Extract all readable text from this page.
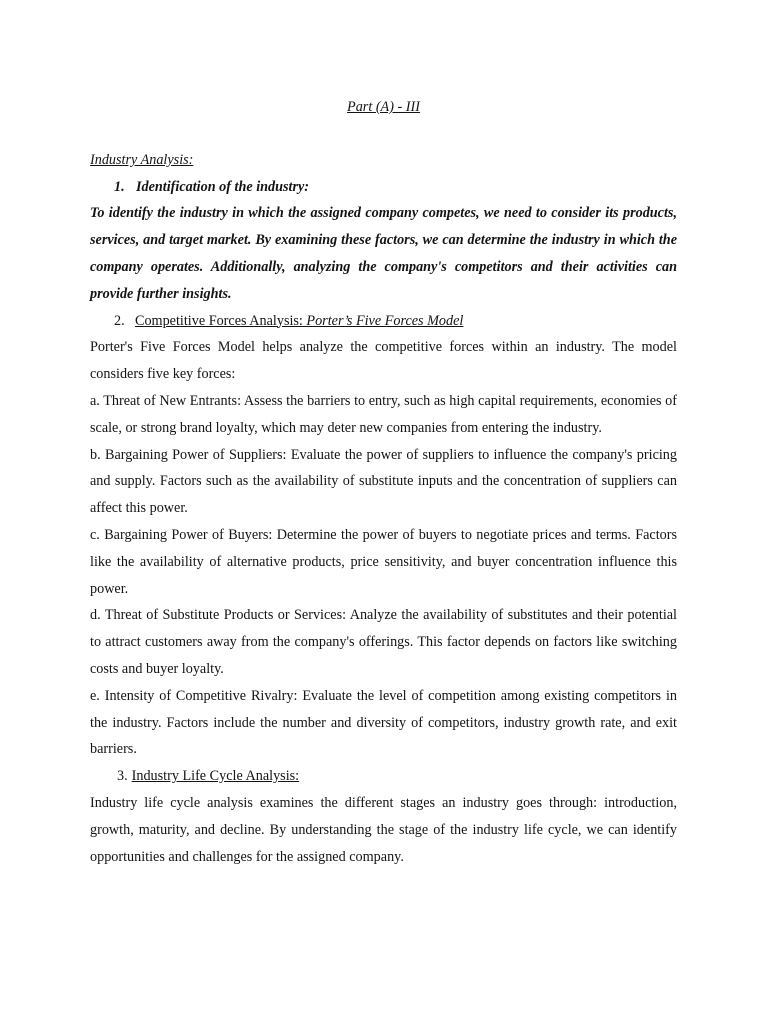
Part (A) - III

Industry Analysis:

1. Identification of the industry:

To identify the industry in which the assigned company competes, we need to consider its products, services, and target market. By examining these factors, we can determine the industry in which the company operates. Additionally, analyzing the company's competitors and their activities can provide further insights.

2. Competitive Forces Analysis: Porter’s Five Forces Model

Porter's Five Forces Model helps analyze the competitive forces within an industry. The model considers five key forces:

a. Threat of New Entrants: Assess the barriers to entry, such as high capital requirements, economies of scale, or strong brand loyalty, which may deter new companies from entering the industry.

b. Bargaining Power of Suppliers: Evaluate the power of suppliers to influence the company's pricing and supply. Factors such as the availability of substitute inputs and the concentration of suppliers can affect this power.

c. Bargaining Power of Buyers: Determine the power of buyers to negotiate prices and terms. Factors like the availability of alternative products, price sensitivity, and buyer concentration influence this power.

d. Threat of Substitute Products or Services: Analyze the availability of substitutes and their potential to attract customers away from the company's offerings. This factor depends on factors like switching costs and buyer loyalty.

e. Intensity of Competitive Rivalry: Evaluate the level of competition among existing competitors in the industry. Factors include the number and diversity of competitors, industry growth rate, and exit barriers.

3. Industry Life Cycle Analysis:

Industry life cycle analysis examines the different stages an industry goes through: introduction, growth, maturity, and decline. By understanding the stage of the industry life cycle, we can identify opportunities and challenges for the assigned company.
